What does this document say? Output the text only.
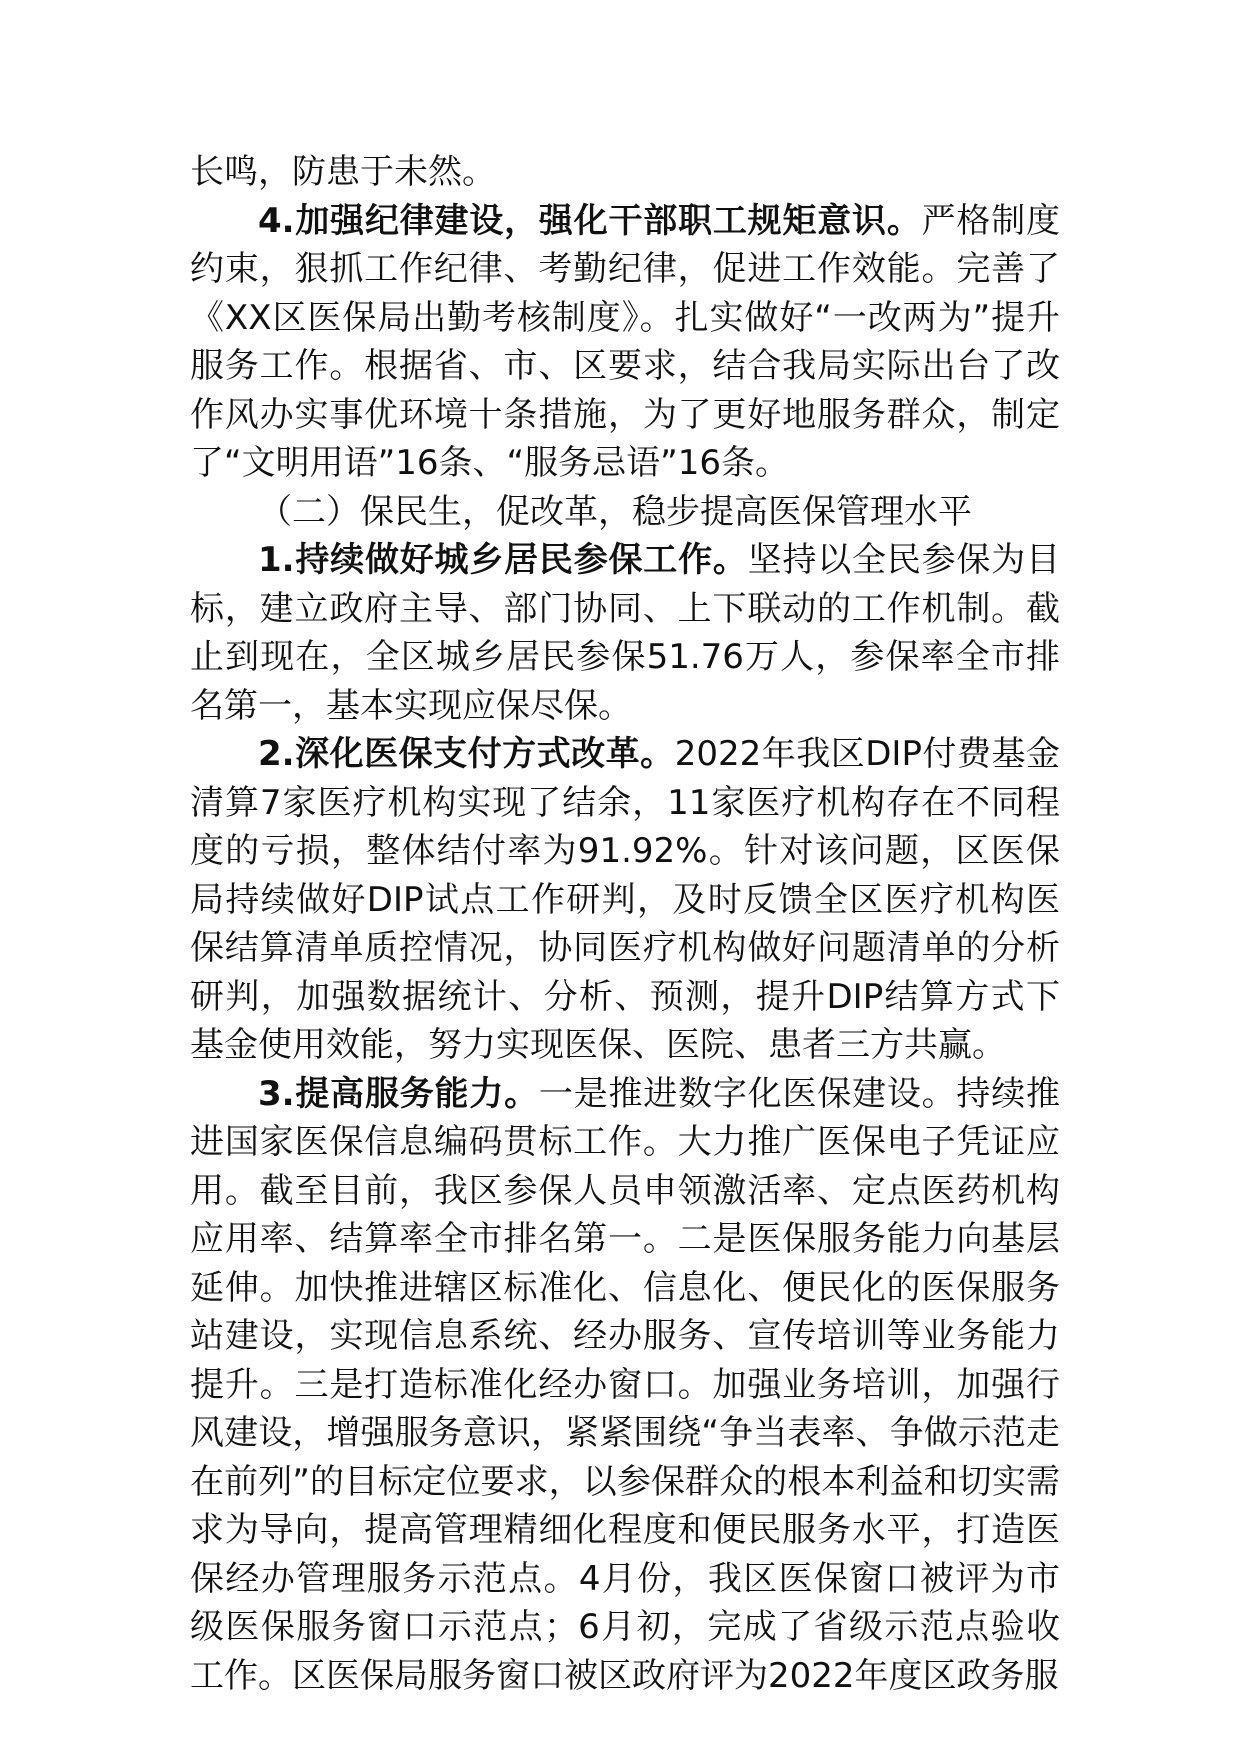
长鸣，防患于未然。

4.加强纪律建设，强化干部职工规矩意识。严格制度约束，狠抓工作纪律、考勤纪律，促进工作效能。完善了《XX区医保局出勤考核制度》。扎实做好“一改两为”提升服务工作。根据省、市、区要求，结合我局实际出台了改作风办实事优环境十条措施，为了更好地服务群众，制定了“文明用语”16条、“服务忌语”16条。

（二）保民生，促改革，稳步提高医保管理水平

1.持续做好城乡居民参保工作。坚持以全民参保为目标，建立政府主导、部门协同、上下联动的工作机制。截止到现在，全区城乡居民参保51.76万人，参保率全市排名第一，基本实现应保尽保。

2.深化医保支付方式改革。2022年我区DIP付费基金清算7家医疗机构实现了结余，11家医疗机构存在不同程度的亏损，整体结付率为91.92%。针对该问题，区医保局持续做好DIP试点工作研判，及时反馈全区医疗机构医保结算清单质控情况，协同医疗机构做好问题清单的分析研判，加强数据统计、分析、预测，提升DIP结算方式下基金使用效能，努力实现医保、医院、患者三方共赢。

3.提高服务能力。一是推进数字化医保建设。持续推进国家医保信息编码贯标工作。大力推广医保电子凭证应用。截至目前，我区参保人员申领激活率、定点医药机构应用率、结算率全市排名第一。二是医保服务能力向基层延伸。加快推进辖区标准化、信息化、便民化的医保服务站建设，实现信息系统、经办服务、宣传培训等业务能力提升。三是打造标准化经办窗口。加强业务培训，加强行风建设，增强服务意识，紧紧围绕“争当表率、争做示范走在前列”的目标定位要求，以参保群众的根本利益和切实需求为导向，提高管理精细化程度和便民服务水平，打造医保经办管理服务示范点。4月份，我区医保窗口被评为市级医保服务窗口示范点；6月初，完成了省级示范点验收工作。区医保局服务窗口被区政府评为2022年度区政务服
